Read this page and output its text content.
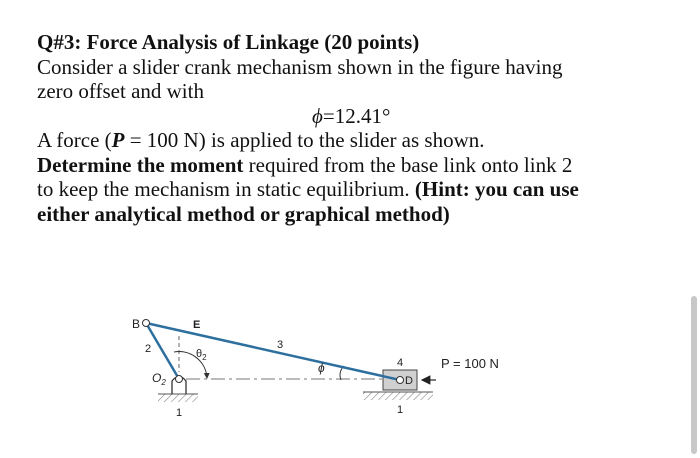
Q#3: Force Analysis of Linkage (20 points)
Consider a slider crank mechanism shown in the figure having
zero offset and with
ϕ=12.41°
A force (P = 100 N) is applied to the slider as shown.
Determine the moment required from the base link onto link 2
to keep the mechanism in static equilibrium. (Hint: you can use
either analytical method or graphical method)
B	E
2	3
4
$\theta_2$
$O_2$
ϕ
D
1	1
P = 100 N
